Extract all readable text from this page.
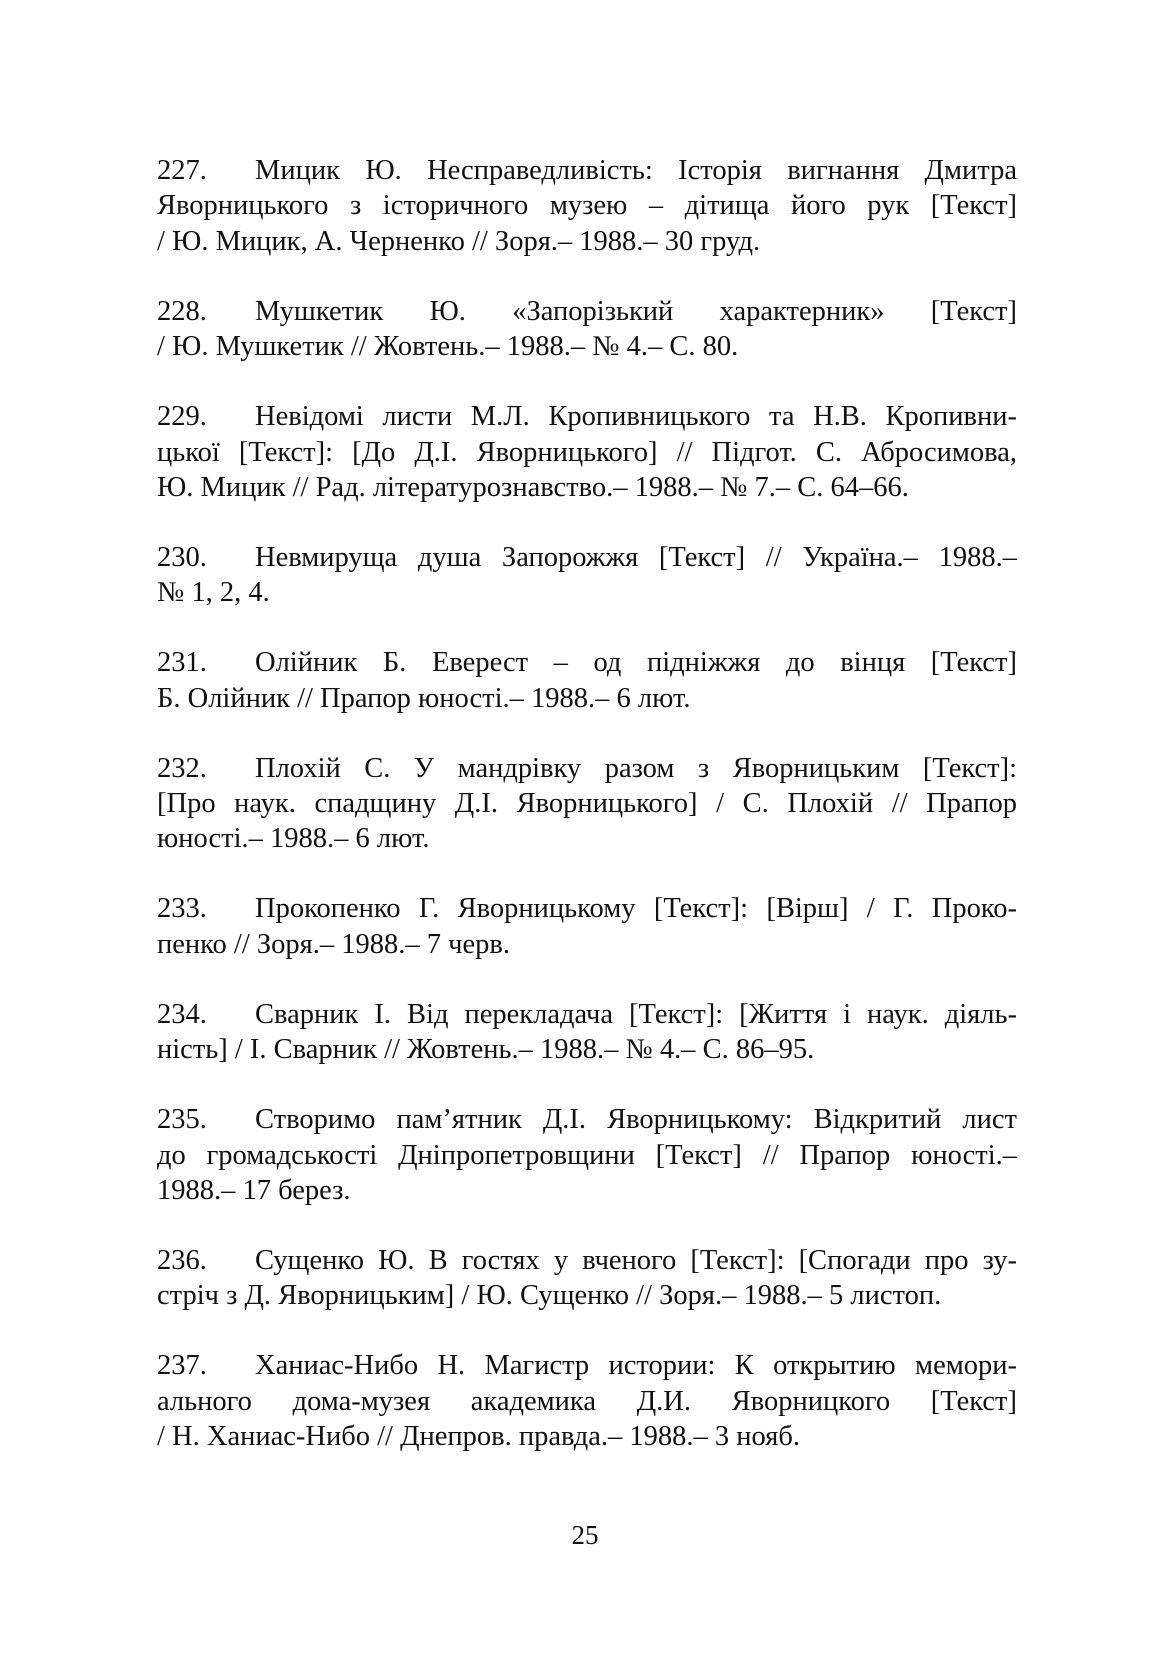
227. Мицик Ю. Несправедливість: Історія вигнання Дмитра
Яворницького з історичного музею – дітища його рук [Текст]
/ Ю. Мицик, А. Черненко // Зоря.– 1988.– 30 груд.
228. Мушкетик Ю. «Запорізький характерник» [Текст]
/ Ю. Мушкетик // Жовтень.– 1988.– № 4.– С. 80.
229. Невідомі листи М.Л. Кропивницького та Н.В. Кропивни-
цької [Текст]: [До Д.І. Яворницького] // Підгот. С. Абросимова,
Ю. Мицик // Рад. літературознавство.– 1988.– № 7.– С. 64–66.
230. Невмируща душа Запорожжя [Текст] // Україна.– 1988.–
№ 1, 2, 4.
231. Олійник Б. Еверест – од підніжжя до вінця [Текст]
Б. Олійник // Прапор юності.– 1988.– 6 лют.
232. Плохій С. У мандрівку разом з Яворницьким [Текст]:
[Про наук. спадщину Д.І. Яворницького] / С. Плохій // Прапор
юності.– 1988.– 6 лют.
233. Прокопенко Г. Яворницькому [Текст]: [Вірш] / Г. Проко-
пенко // Зоря.– 1988.– 7 черв.
234. Сварник І. Від перекладача [Текст]: [Життя і наук. діяль-
ність] / І. Сварник // Жовтень.– 1988.– № 4.– С. 86–95.
235. Створимо пам’ятник Д.І. Яворницькому: Відкритий лист
до громадськості Дніпропетровщини [Текст] // Прапор юності.–
1988.– 17 берез.
236. Сущенко Ю. В гостях у вченого [Текст]: [Спогади про зу-
стріч з Д. Яворницьким] / Ю. Сущенко // Зоря.– 1988.– 5 листоп.
237. Ханиас-Нибо Н. Магистр истории: К открытию мемори-
ального дома-музея академика Д.И. Яворницкого [Текст]
/ Н. Ханиас-Нибо // Днепров. правда.– 1988.– 3 нояб.
25
